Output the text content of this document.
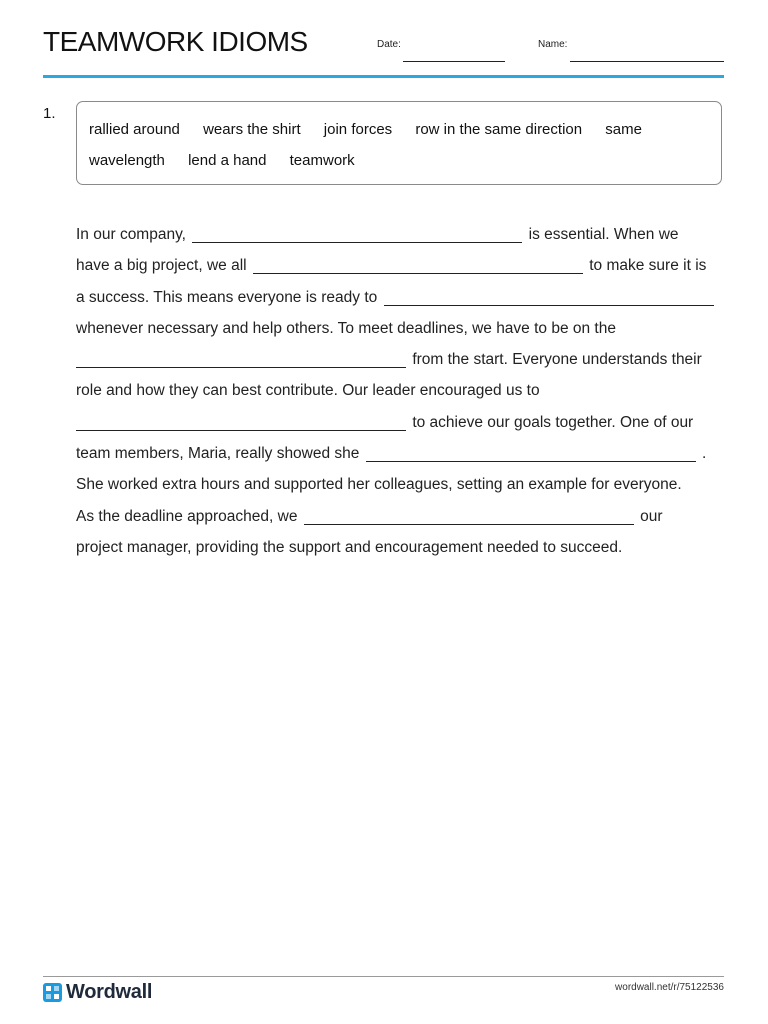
TEAMWORK IDIOMS	Date:	Name:
1.
rallied around wears the shirt join forces row in the same direction same wavelength lend a hand teamwork
In our company,	is essential. When we
have a big project, we all	to make sure it is
a success. This means everyone is ready to
whenever necessary and help others. To meet deadlines, we have to be on the
from the start. Everyone understands their
role and how they can best contribute. Our leader encouraged us to
to achieve our goals together. One of our
team members, Maria, really showed she	.
She worked extra hours and supported her colleagues, setting an example for everyone.
As the deadline approached, we	our
project manager, providing the support and encouragement needed to succeed.
Wordwall	wordwall.net/r/75122536
